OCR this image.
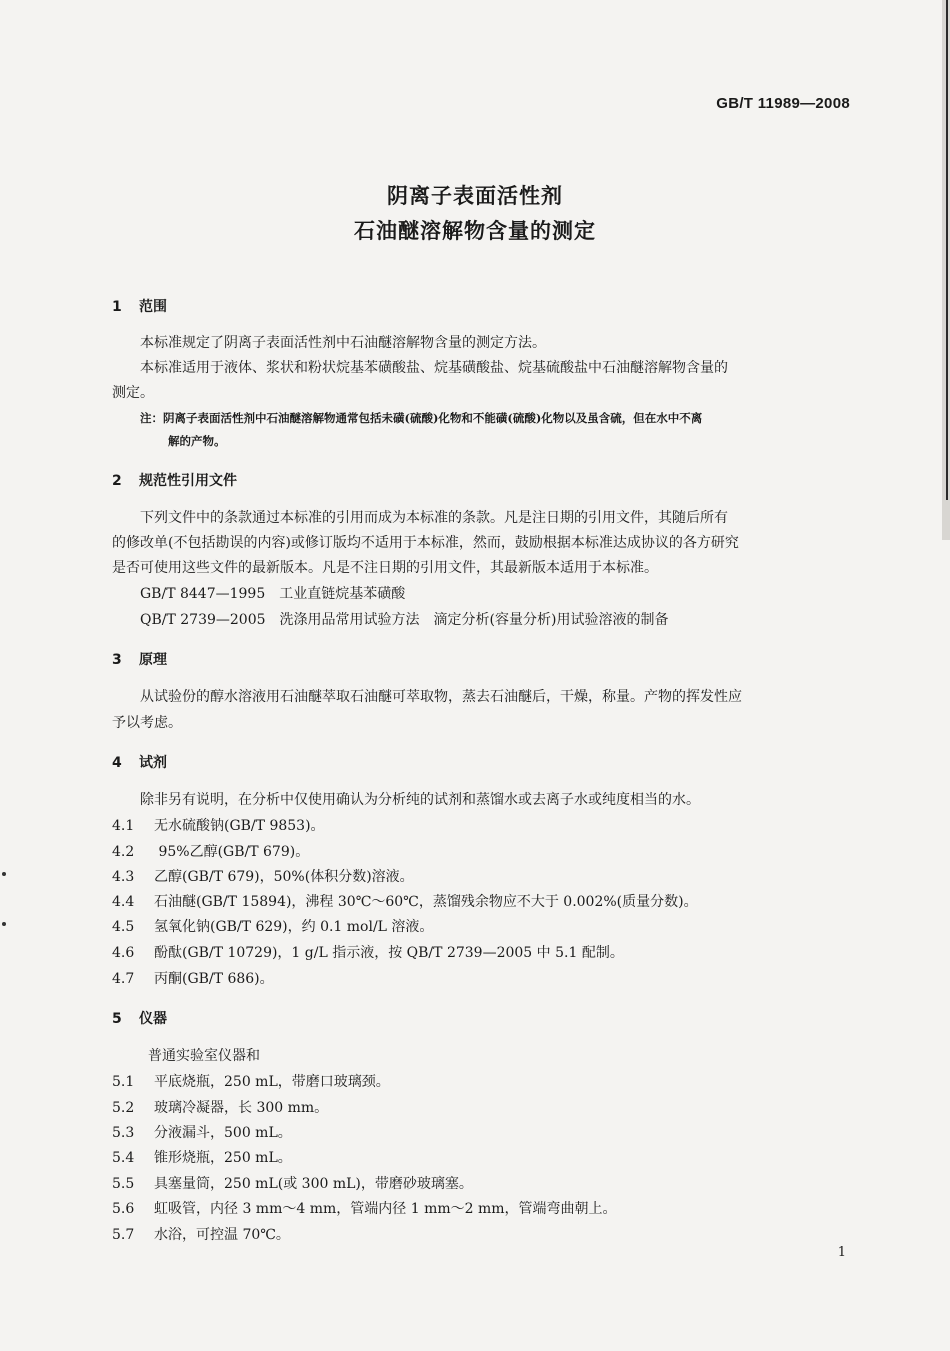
GB/T 11989—2008
阴离子表面活性剂
石油醚溶解物含量的测定
1 范围
本标准规定了阴离子表面活性剂中石油醚溶解物含量的测定方法。
本标准适用于液体、浆状和粉状烷基苯磺酸盐、烷基磺酸盐、烷基硫酸盐中石油醚溶解物含量的
测定。
注：阴离子表面活性剂中石油醚溶解物通常包括未磺(硫酸)化物和不能磺(硫酸)化物以及虽含硫，但在水中不离
解的产物。
2 规范性引用文件
下列文件中的条款通过本标准的引用而成为本标准的条款。凡是注日期的引用文件，其随后所有
的修改单(不包括勘误的内容)或修订版均不适用于本标准，然而，鼓励根据本标准达成协议的各方研究
是否可使用这些文件的最新版本。凡是不注日期的引用文件，其最新版本适用于本标准。
GB/T 8447—1995　工业直链烷基苯磺酸
QB/T 2739—2005　洗涤用品常用试验方法　滴定分析(容量分析)用试验溶液的制备
3 原理
从试验份的醇水溶液用石油醚萃取石油醚可萃取物，蒸去石油醚后，干燥，称量。产物的挥发性应
予以考虑。
4 试剂
除非另有说明，在分析中仅使用确认为分析纯的试剂和蒸馏水或去离子水或纯度相当的水。
4.1 无水硫酸钠(GB/T 9853)。
4.2 95%乙醇(GB/T 679)。
4.3 乙醇(GB/T 679)，50%(体积分数)溶液。
4.4 石油醚(GB/T 15894)，沸程 30℃～60℃，蒸馏残余物应不大于 0.002%(质量分数)。
4.5 氢氧化钠(GB/T 629)，约 0.1 mol/L 溶液。
4.6 酚酞(GB/T 10729)，1 g/L 指示液，按 QB/T 2739—2005 中 5.1 配制。
4.7 丙酮(GB/T 686)。
5 仪器
普通实验室仪器和
5.1 平底烧瓶，250 mL，带磨口玻璃颈。
5.2 玻璃冷凝器，长 300 mm。
5.3 分液漏斗，500 mL。
5.4 锥形烧瓶，250 mL。
5.5 具塞量筒，250 mL(或 300 mL)，带磨砂玻璃塞。
5.6 虹吸管，内径 3 mm～4 mm，管端内径 1 mm～2 mm，管端弯曲朝上。
5.7 水浴，可控温 70℃。
1
